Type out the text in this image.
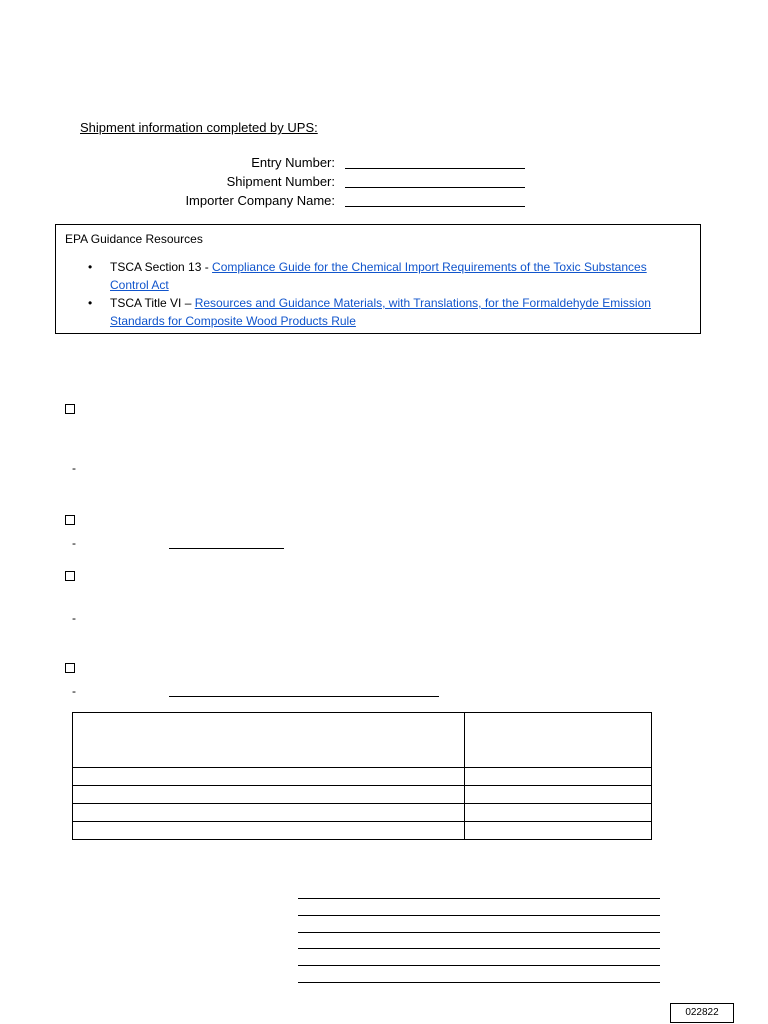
Shipment information completed by UPS:
Entry Number:
Shipment Number:
Importer Company Name:
EPA Guidance Resources
• TSCA Section 13 - Compliance Guide for the Chemical Import Requirements of the Toxic Substances Control Act
• TSCA Title VI – Resources and Guidance Materials, with Translations, for the Formaldehyde Emission Standards for Composite Wood Products Rule
-
-
-
-

022822
